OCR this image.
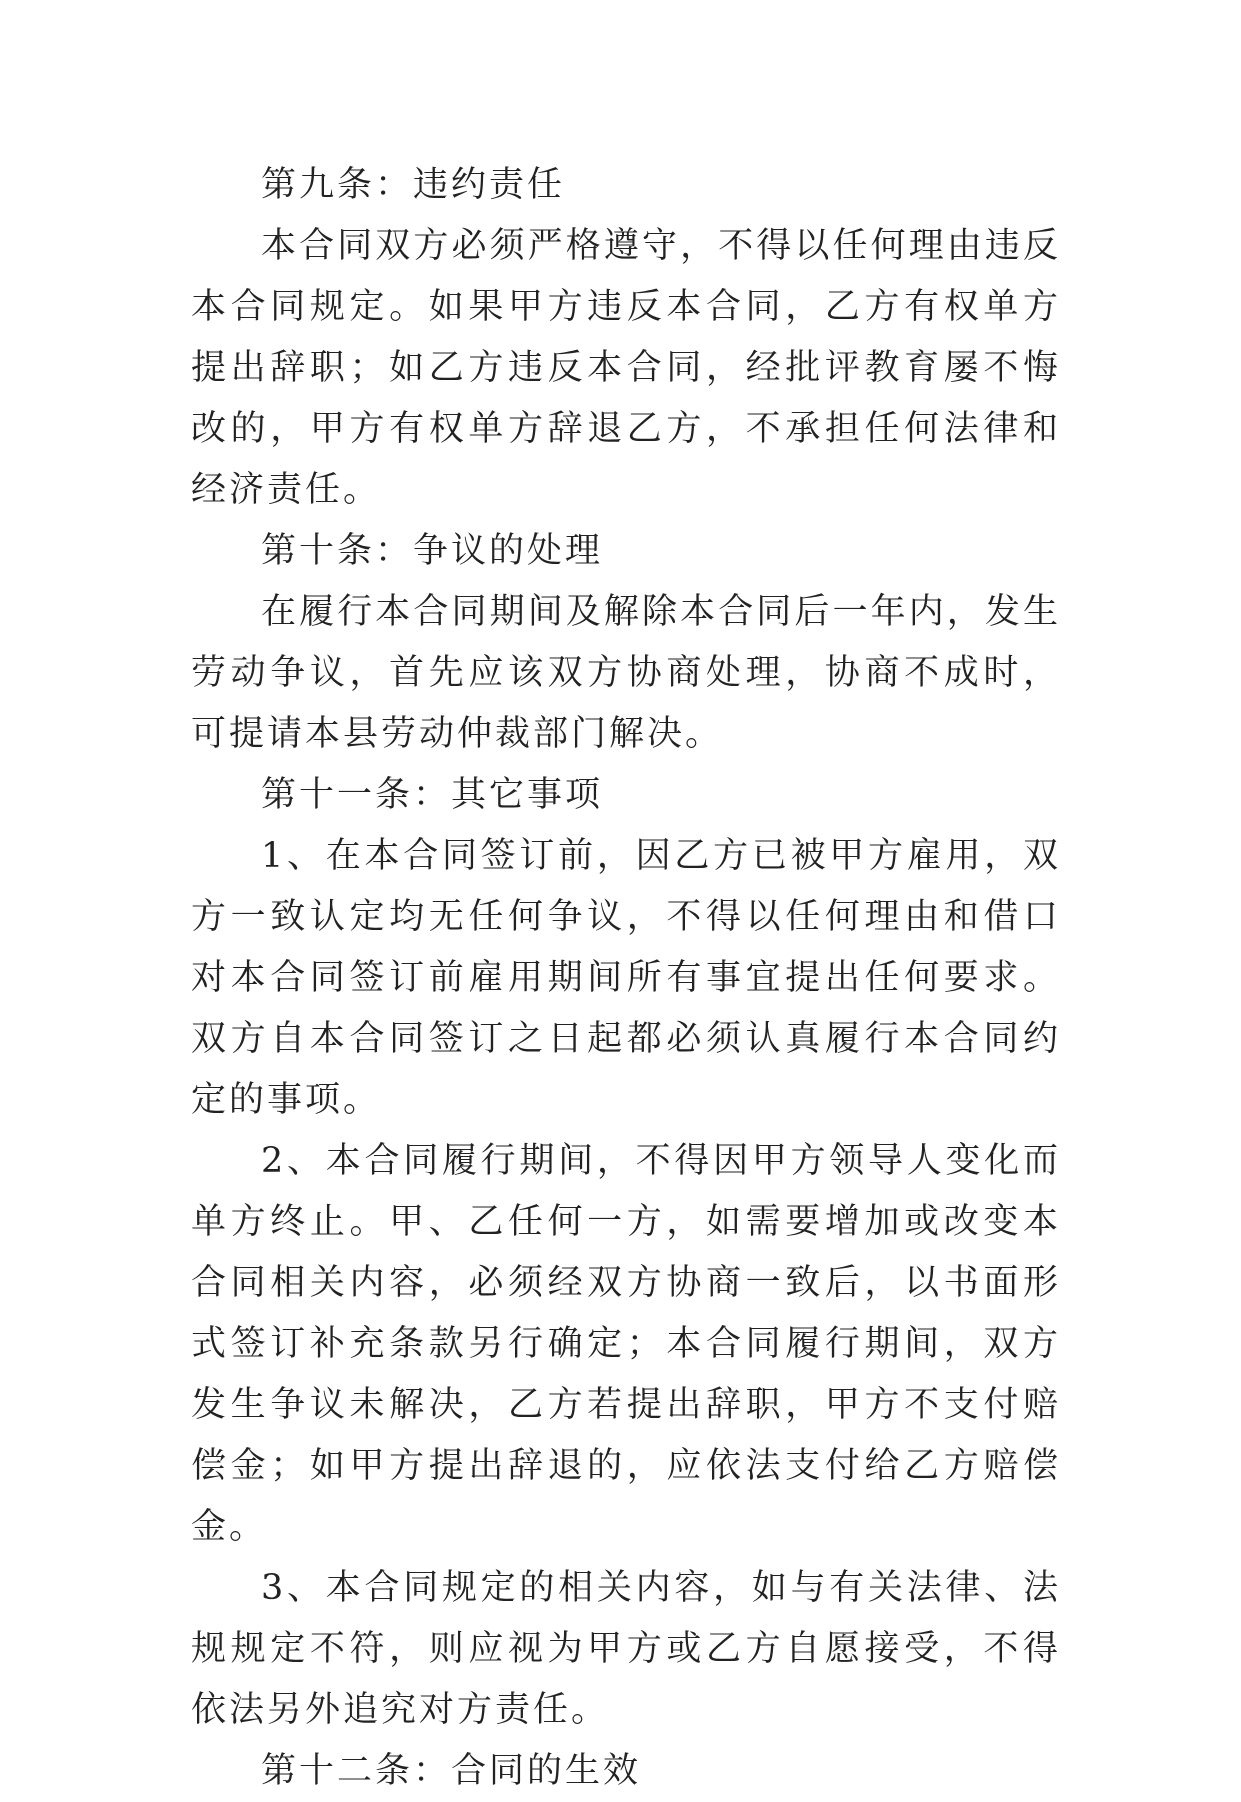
第九条：违约责任

本合同双方必须严格遵守，不得以任何理由违反本合同规定。如果甲方违反本合同，乙方有权单方提出辞职；如乙方违反本合同，经批评教育屡不悔改的，甲方有权单方辞退乙方，不承担任何法律和经济责任。

第十条：争议的处理

在履行本合同期间及解除本合同后一年内，发生劳动争议，首先应该双方协商处理，协商不成时，可提请本县劳动仲裁部门解决。

第十一条：其它事项

1、在本合同签订前，因乙方已被甲方雇用，双方一致认定均无任何争议，不得以任何理由和借口对本合同签订前雇用期间所有事宜提出任何要求。双方自本合同签订之日起都必须认真履行本合同约定的事项。

2、本合同履行期间，不得因甲方领导人变化而单方终止。甲、乙任何一方，如需要增加或改变本合同相关内容，必须经双方协商一致后，以书面形式签订补充条款另行确定；本合同履行期间，双方发生争议未解决，乙方若提出辞职，甲方不支付赔偿金；如甲方提出辞退的，应依法支付给乙方赔偿金。

3、本合同规定的相关内容，如与有关法律、法规规定不符，则应视为甲方或乙方自愿接受，不得依法另外追究对方责任。

第十二条：合同的生效
